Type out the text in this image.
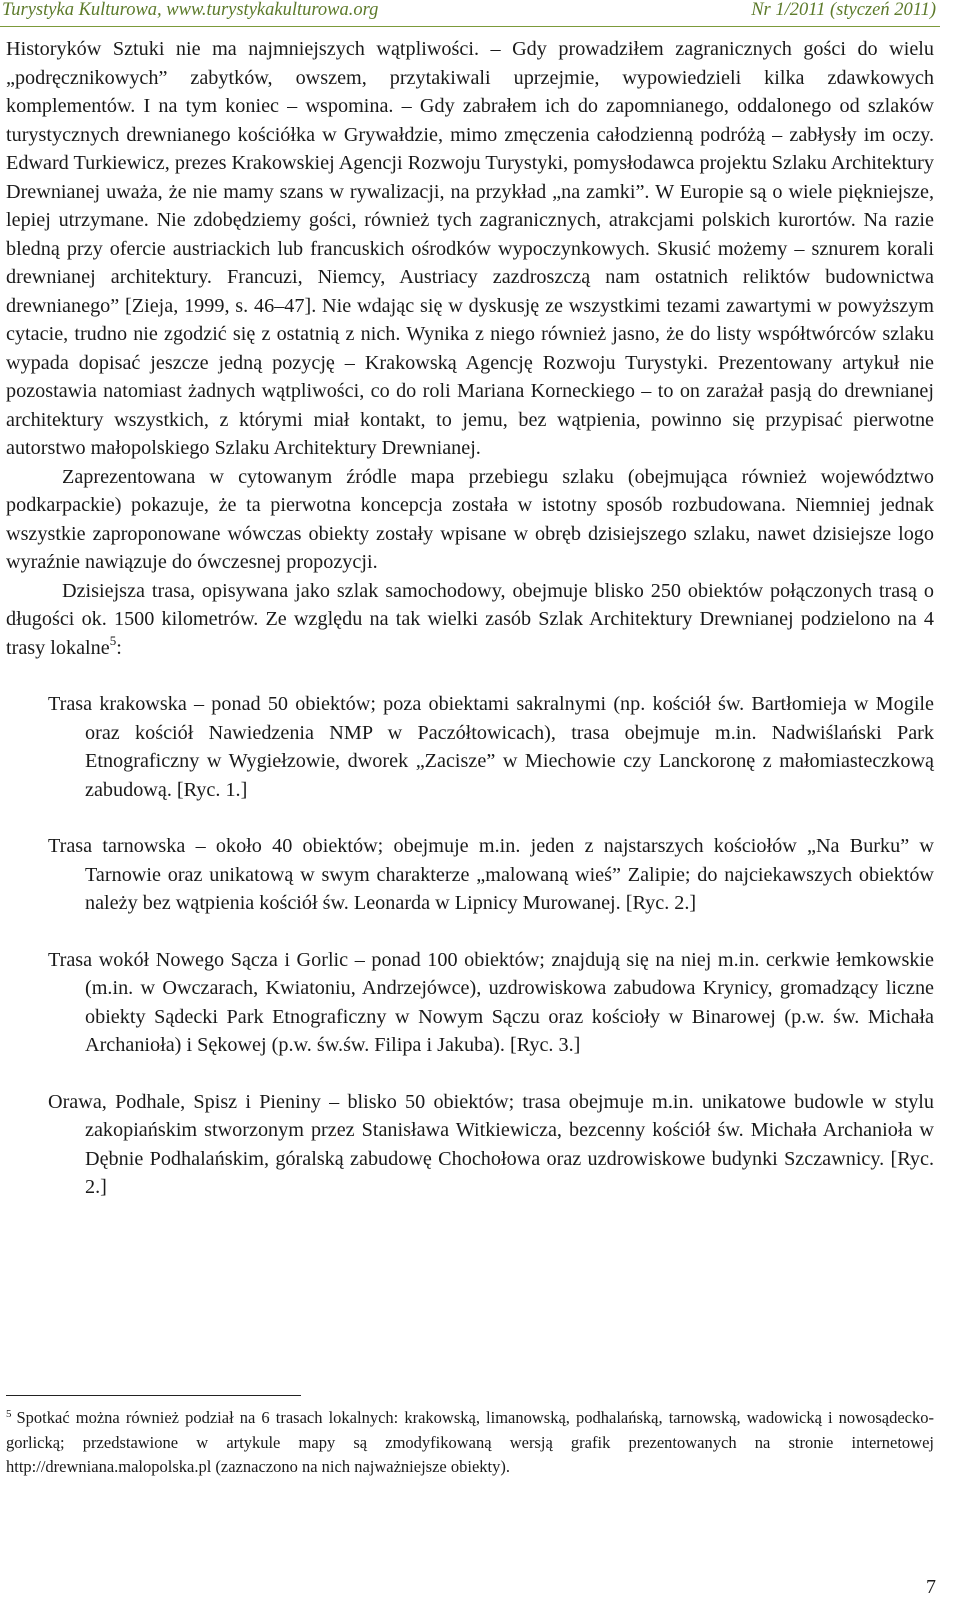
Turystyka Kulturowa, www.turystykakulturowa.org	Nr 1/2011 (styczeń 2011)

Historyków Sztuki nie ma najmniejszych wątpliwości. – Gdy prowadziłem zagranicznych gości do wielu „podręcznikowych” zabytków, owszem, przytakiwali uprzejmie, wypowiedzieli kilka zdawkowych komplementów. I na tym koniec – wspomina. – Gdy zabrałem ich do zapomnianego, oddalonego od szlaków turystycznych drewnianego kościółka w Grywałdzie, mimo zmęczenia całodzienną podróżą – zabłysły im oczy. Edward Turkiewicz, prezes Krakowskiej Agencji Rozwoju Turystyki, pomysłodawca projektu Szlaku Architektury Drewnianej uważa, że nie mamy szans w rywalizacji, na przykład „na zamki”. W Europie są o wiele piękniejsze, lepiej utrzymane. Nie zdobędziemy gości, również tych zagranicznych, atrakcjami polskich kurortów. Na razie bledną przy ofercie austriackich lub francuskich ośrodków wypoczynkowych. Skusić możemy – sznurem korali drewnianej architektury. Francuzi, Niemcy, Austriacy zazdroszczą nam ostatnich reliktów budownictwa drewnianego” [Zieja, 1999, s. 46–47]. Nie wdając się w dyskusję ze wszystkimi tezami zawartymi w powyższym cytacie, trudno nie zgodzić się z ostatnią z nich. Wynika z niego również jasno, że do listy współtwórców szlaku wypada dopisać jeszcze jedną pozycję – Krakowską Agencję Rozwoju Turystyki. Prezentowany artykuł nie pozostawia natomiast żadnych wątpliwości, co do roli Mariana Korneckiego – to on zarażał pasją do drewnianej architektury wszystkich, z którymi miał kontakt, to jemu, bez wątpienia, powinno się przypisać pierwotne autorstwo małopolskiego Szlaku Architektury Drewnianej.

Zaprezentowana w cytowanym źródle mapa przebiegu szlaku (obejmująca również województwo podkarpackie) pokazuje, że ta pierwotna koncepcja została w istotny sposób rozbudowana. Niemniej jednak wszystkie zaproponowane wówczas obiekty zostały wpisane w obręb dzisiejszego szlaku, nawet dzisiejsze logo wyraźnie nawiązuje do ówczesnej propozycji.

Dzisiejsza trasa, opisywana jako szlak samochodowy, obejmuje blisko 250 obiektów połączonych trasą o długości ok. 1500 kilometrów. Ze względu na tak wielki zasób Szlak Architektury Drewnianej podzielono na 4 trasy lokalne$^5$:

Trasa krakowska – ponad 50 obiektów; poza obiektami sakralnymi (np. kościół św. Bartłomieja w Mogile oraz kościół Nawiedzenia NMP w Paczółtowicach), trasa obejmuje m.in. Nadwiślański Park Etnograficzny w Wygiełzowie, dworek „Zacisze” w Miechowie czy Lanckoronę z małomiasteczkową zabudową. [Ryc. 1.]
Trasa tarnowska – około 40 obiektów; obejmuje m.in. jeden z najstarszych kościołów „Na Burku” w Tarnowie oraz unikatową w swym charakterze „malowaną wieś” Zalipie; do najciekawszych obiektów należy bez wątpienia kościół św. Leonarda w Lipnicy Murowanej. [Ryc. 2.]
Trasa wokół Nowego Sącza i Gorlic – ponad 100 obiektów; znajdują się na niej m.in. cerkwie łemkowskie (m.in. w Owczarach, Kwiatoniu, Andrzejówce), uzdrowiskowa zabudowa Krynicy, gromadzący liczne obiekty Sądecki Park Etnograficzny w Nowym Sączu oraz kościoły w Binarowej (p.w. św. Michała Archanioła) i Sękowej (p.w. św.św. Filipa i Jakuba). [Ryc. 3.]
Orawa, Podhale, Spisz i Pieniny – blisko 50 obiektów; trasa obejmuje m.in. unikatowe budowle w stylu zakopiańskim stworzonym przez Stanisława Witkiewicza, bezcenny kościół św. Michała Archanioła w Dębnie Podhalańskim, góralską zabudowę Chochołowa oraz uzdrowiskowe budynki Szczawnicy. [Ryc. 2.]
$^5$ Spotkać można również podział na 6 trasach lokalnych: krakowską, limanowską, podhalańską, tarnowską, wadowicką i nowosądecko-gorlicką; przedstawione w artykule mapy są zmodyfikowaną wersją grafik prezentowanych na stronie internetowej http://drewniana.malopolska.pl (zaznaczono na nich najważniejsze obiekty).
7
